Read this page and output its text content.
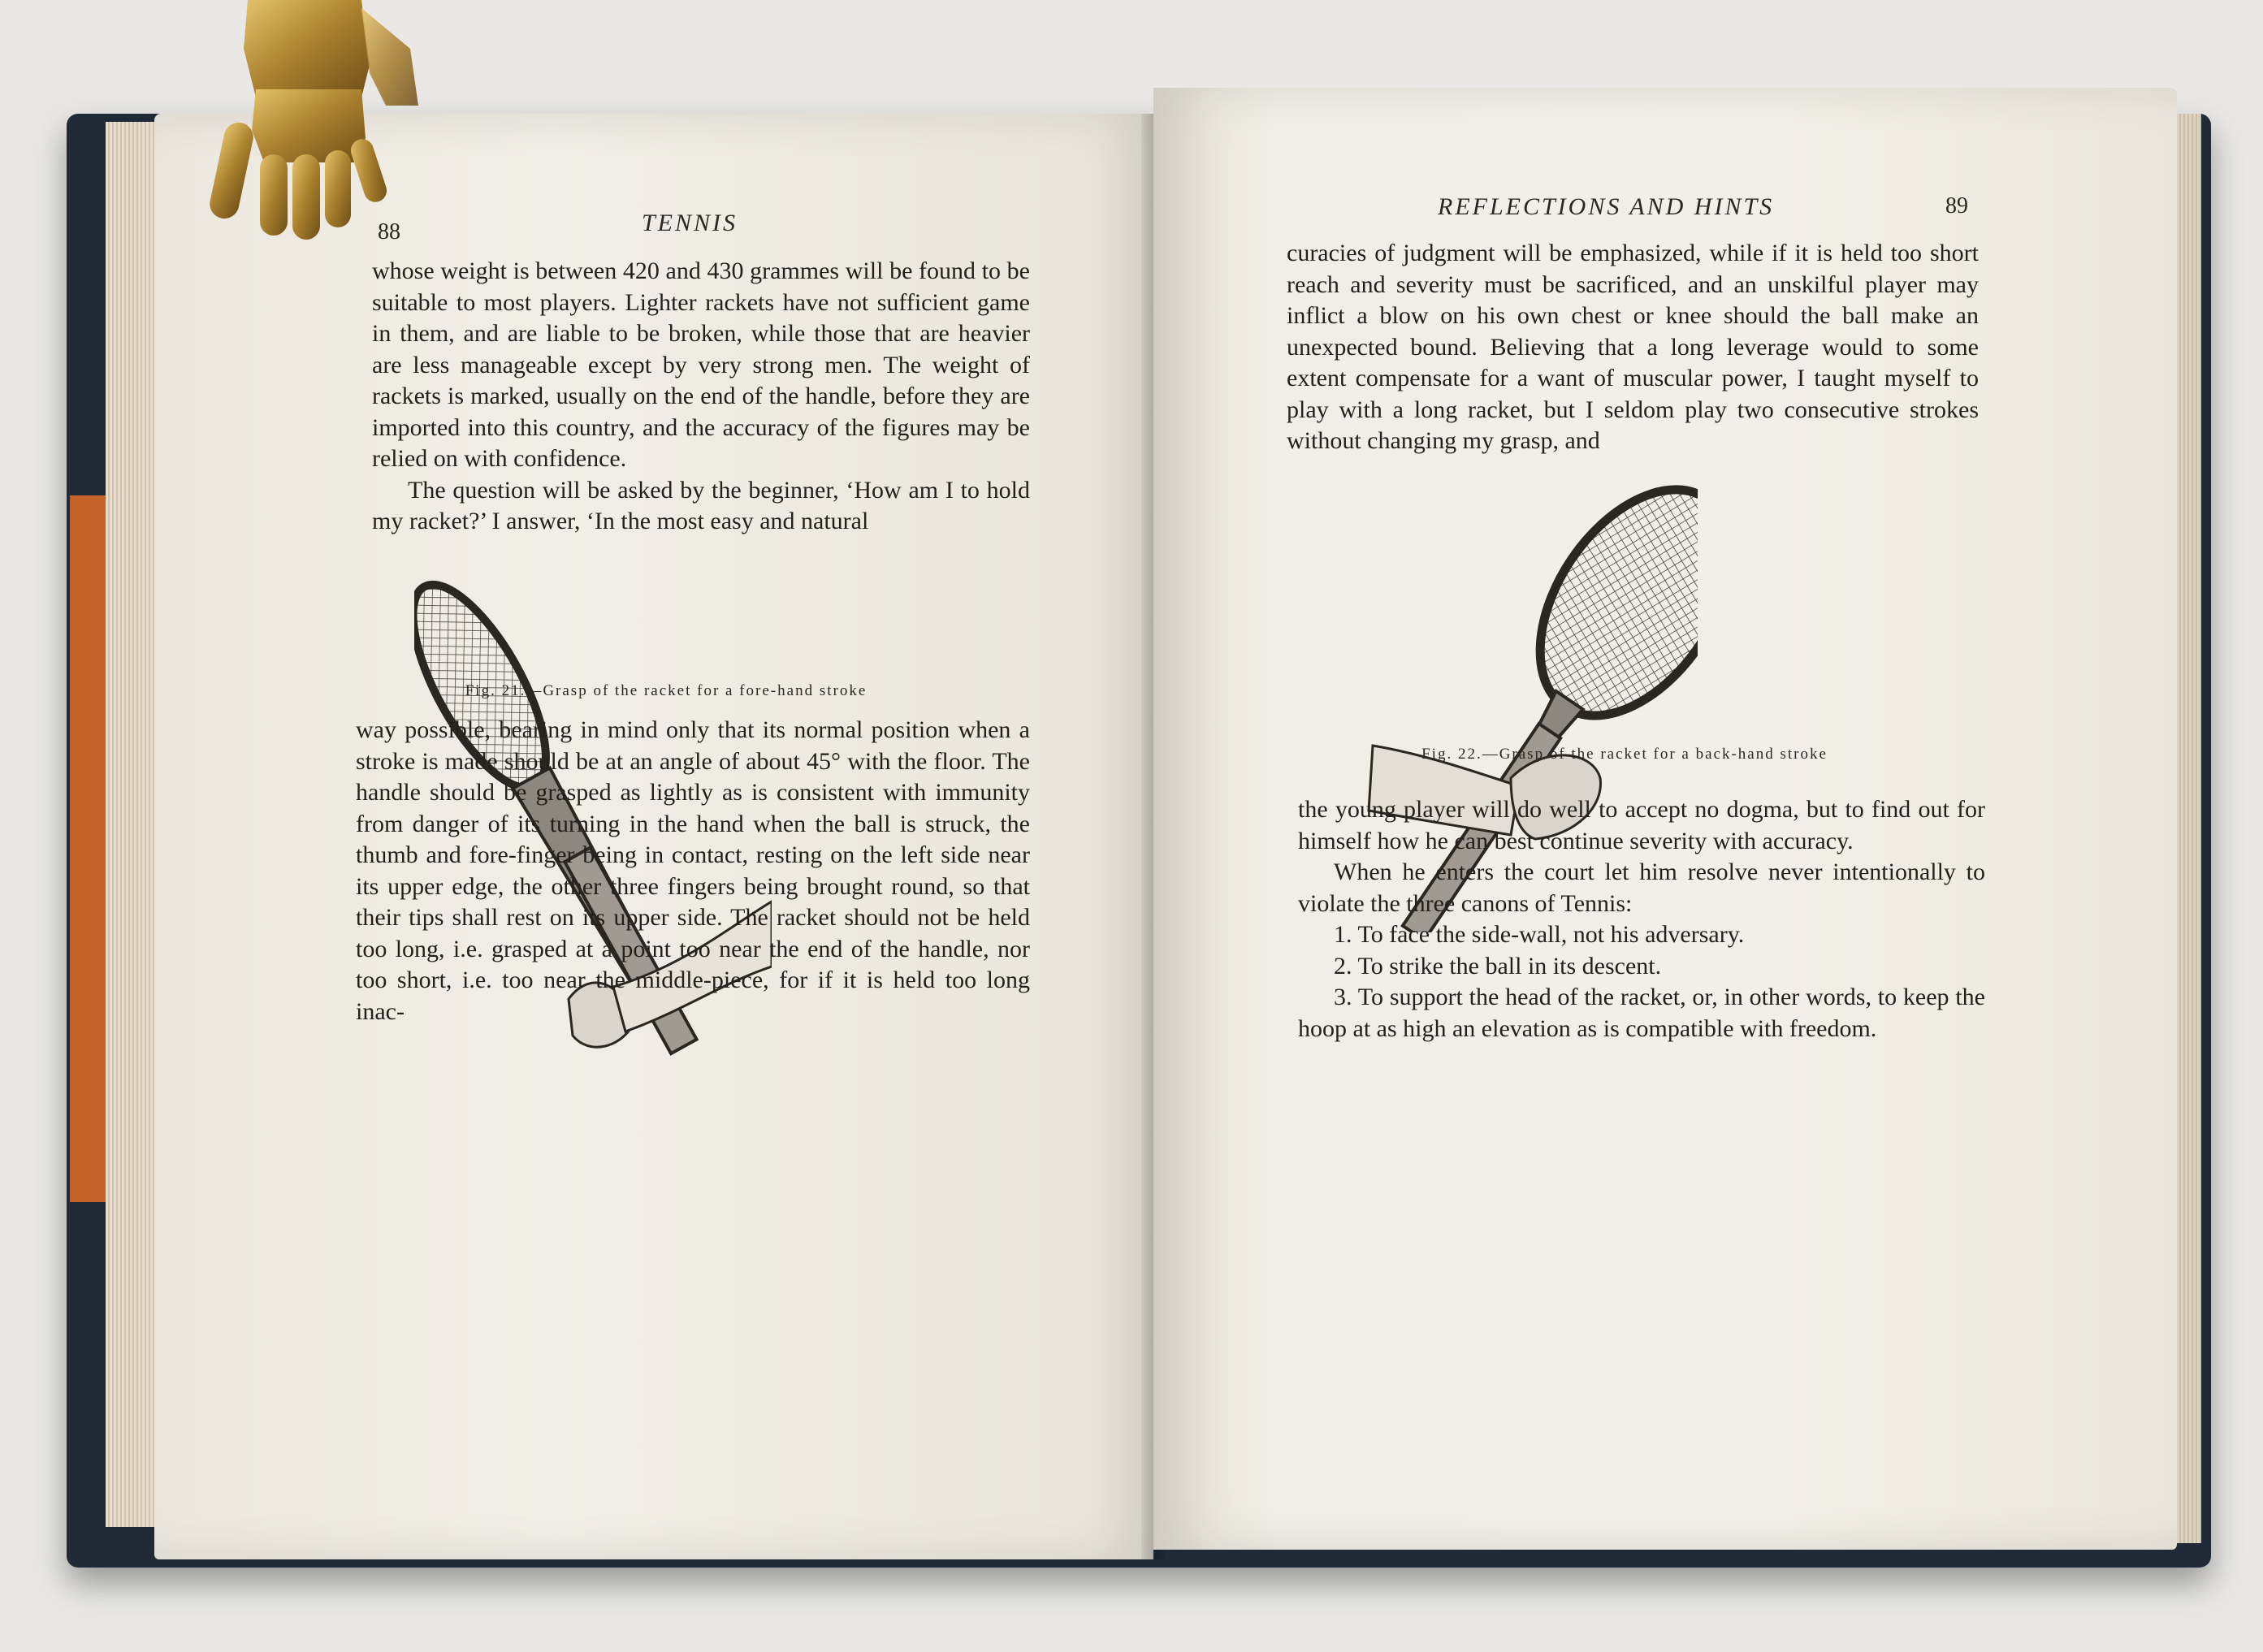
88	TENNIS

whose weight is between 420 and 430 grammes will be found to be suitable to most players. Lighter rackets have not sufficient game in them, and are liable to be broken, while those that are heavier are less manageable except by very strong men. The weight of rackets is marked, usually on the end of the handle, before they are imported into this country, and the accuracy of the figures may be relied on with confidence.

The question will be asked by the beginner, ‘How am I to hold my racket?’ I answer, ‘In the most easy and natural

Fig. 21.—Grasp of the racket for a fore-hand stroke
way possible, bearing in mind only that its normal position when a stroke is made should be at an angle of about 45° with the floor. The handle should be grasped as lightly as is consistent with immunity from danger of its turning in the hand when the ball is struck, the thumb and fore-finger being in contact, resting on the left side near its upper edge, the other three fingers being brought round, so that their tips shall rest on its upper side. The racket should not be held too long, i.e. grasped at a point too near the end of the handle, nor too short, i.e. too near the middle-piece, for if it is held too long inac-
REFLECTIONS AND HINTS	89
curacies of judgment will be emphasized, while if it is held too short reach and severity must be sacrificed, and an unskilful player may inflict a blow on his own chest or knee should the ball make an unexpected bound. Believing that a long leverage would to some extent compensate for a want of muscular power, I taught myself to play with a long racket, but I seldom play two consecutive strokes without changing my grasp, and
Fig. 22.—Grasp of the racket for a back-hand stroke

the young player will do well to accept no dogma, but to find out for himself how he can best continue severity with accuracy.

When he enters the court let him resolve never intentionally to violate the three canons of Tennis:

1. To face the side-wall, not his adversary.

2. To strike the ball in its descent.

3. To support the head of the racket, or, in other words, to keep the hoop at as high an elevation as is compatible with freedom.
